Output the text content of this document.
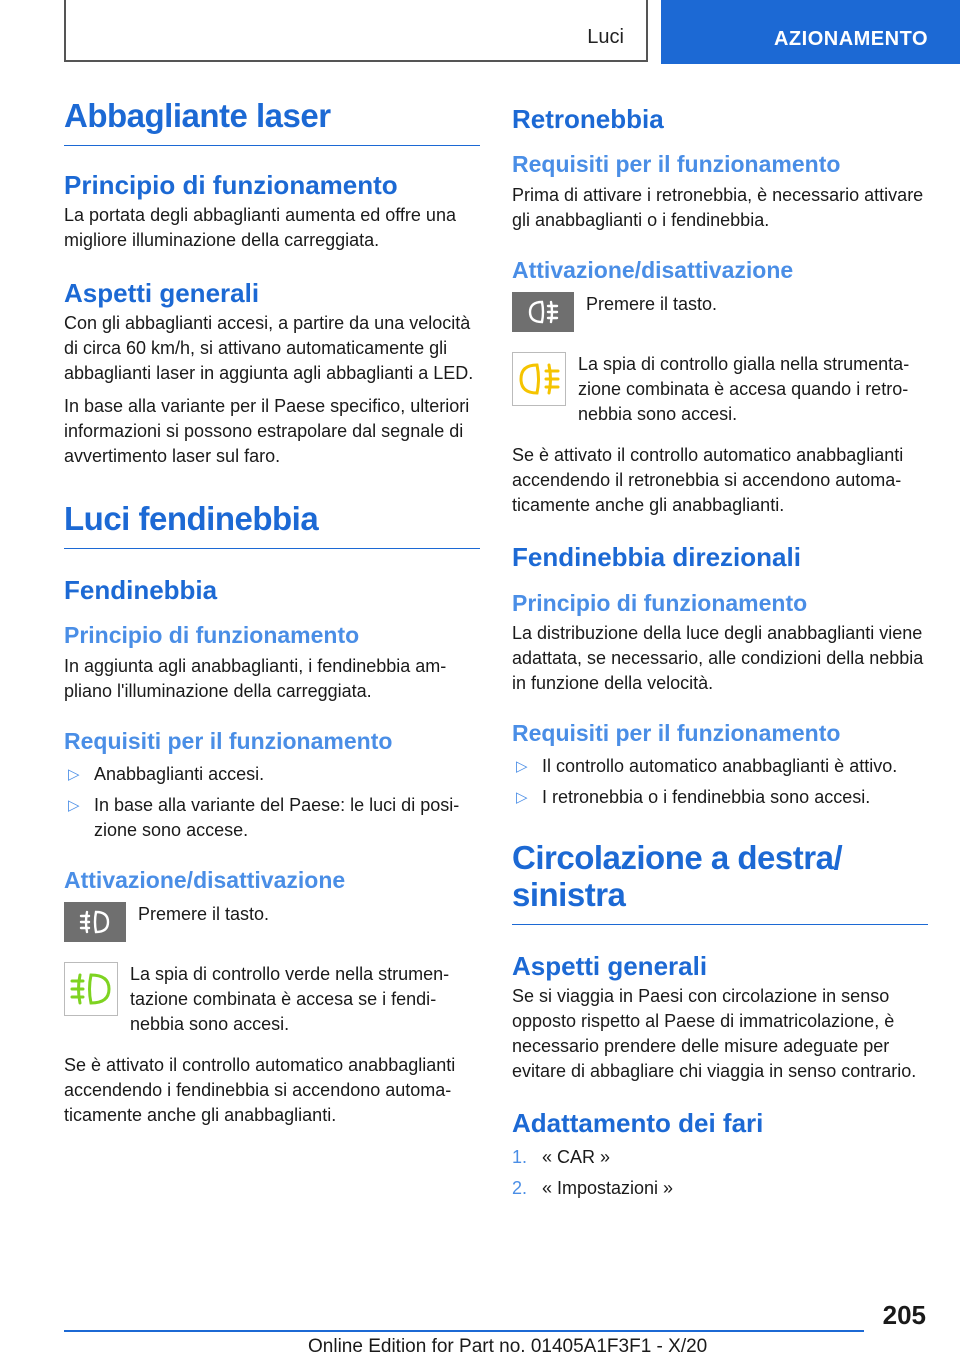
Luci	AZIONAMENTO
Abbagliante laser
Principio di funzionamento

La portata degli abbaglianti aumenta ed offre una migliore illuminazione della carreggiata.

Aspetti generali

Con gli abbaglianti accesi, a partire da una velocità di circa 60 km/h, si attivano automaticamente gli abbaglianti laser in aggiunta agli abbaglianti a LED.

In base alla variante per il Paese specifico, ulteriori informazioni si possono estrapolare dal segnale di avvertimento laser sul faro.

Luci fendinebbia
Fendinebbia
Principio di funzionamento

In aggiunta agli anabbaglianti, i fendinebbia ampliano l'illuminazione della carreggiata.

Requisiti per il funzionamento
▷ Anabbaglianti accesi.
▷ In base alla variante del Paese: le luci di posizione sono accese.
Attivazione/disattivazione

Premere il tasto.

La spia di controllo verde nella strumentazione combinata è accesa se i fendinebbia sono accesi.

Se è attivato il controllo automatico anabbaglianti accendendo i fendinebbia si accendono automaticamente anche gli anabbaglianti.

Retronebbia
Requisiti per il funzionamento

Prima di attivare i retronebbia, è necessario attivare gli anabbaglianti o i fendinebbia.

Attivazione/disattivazione

Premere il tasto.

La spia di controllo gialla nella strumentazione combinata è accesa quando i retronebbia sono accesi.

Se è attivato il controllo automatico anabbaglianti accendendo il retronebbia si accendono automaticamente anche gli anabbaglianti.

Fendinebbia direzionali
Principio di funzionamento

La distribuzione della luce degli anabbaglianti viene adattata, se necessario, alle condizioni della nebbia in funzione della velocità.

Requisiti per il funzionamento
▷ Il controllo automatico anabbaglianti è attivo.
▷ I retronebbia o i fendinebbia sono accesi.
Circolazione a destra/ sinistra
Aspetti generali

Se si viaggia in Paesi con circolazione in senso opposto rispetto al Paese di immatricolazione, è necessario prendere delle misure adeguate per evitare di abbagliare chi viaggia in senso contrario.

Adattamento dei fari
1. « CAR »
2. « Impostazioni »
205
Online Edition for Part no. 01405A1F3F1 - X/20
